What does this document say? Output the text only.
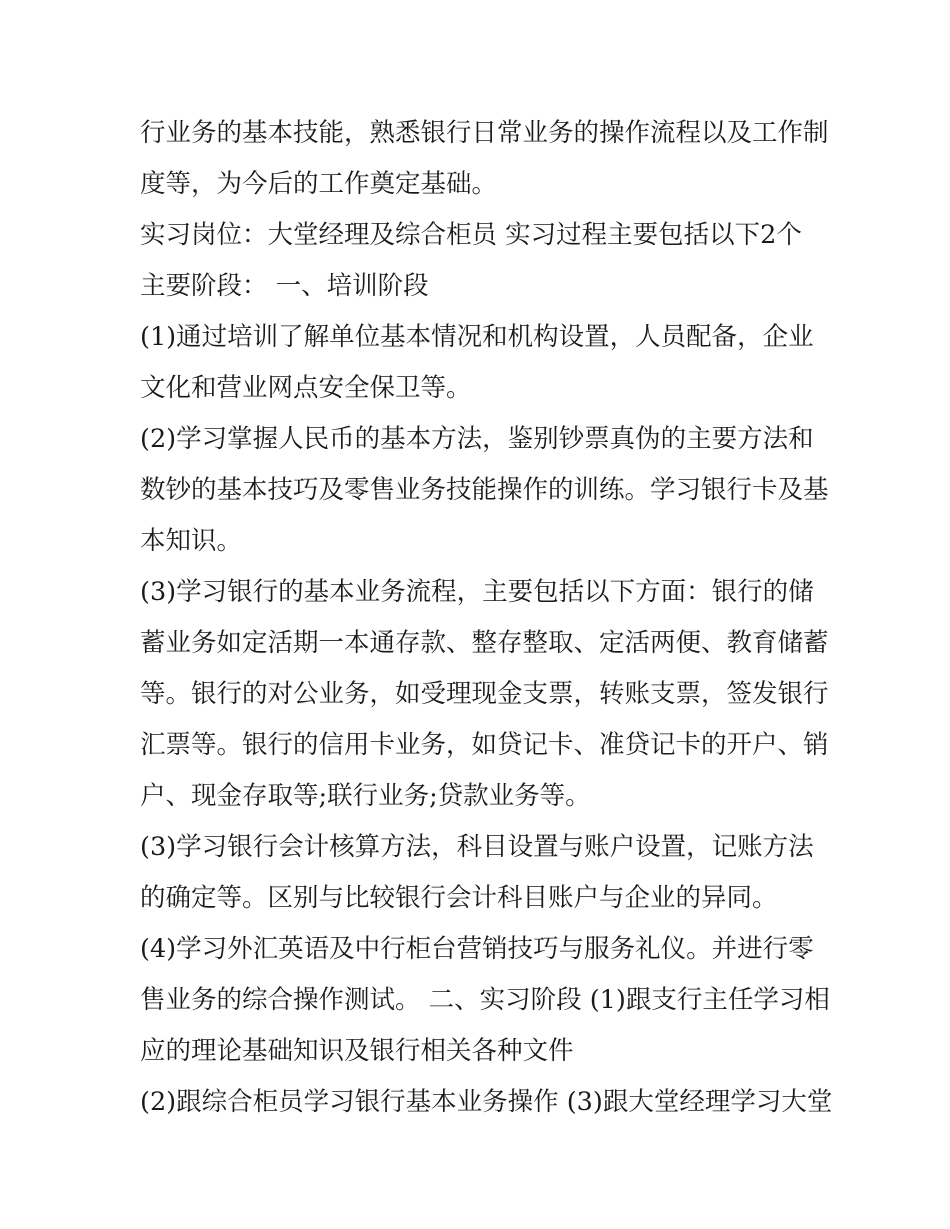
行业务的基本技能，熟悉银行日常业务的操作流程以及工作制
度等，为今后的工作奠定基础。
实习岗位：大堂经理及综合柜员 实习过程主要包括以下2个
主要阶段： 一、培训阶段
(1)通过培训了解单位基本情况和机构设置，人员配备，企业
文化和营业网点安全保卫等。
(2)学习掌握人民币的基本方法，鉴别钞票真伪的主要方法和
数钞的基本技巧及零售业务技能操作的训练。学习银行卡及基
本知识。
(3)学习银行的基本业务流程，主要包括以下方面：银行的储
蓄业务如定活期一本通存款、整存整取、定活两便、教育储蓄
等。银行的对公业务，如受理现金支票，转账支票，签发银行
汇票等。银行的信用卡业务，如贷记卡、准贷记卡的开户、销
户、现金存取等;联行业务;贷款业务等。
(3)学习银行会计核算方法，科目设置与账户设置，记账方法
的确定等。区别与比较银行会计科目账户与企业的异同。
(4)学习外汇英语及中行柜台营销技巧与服务礼仪。并进行零
售业务的综合操作测试。 二、实习阶段 (1)跟支行主任学习相
应的理论基础知识及银行相关各种文件
(2)跟综合柜员学习银行基本业务操作 (3)跟大堂经理学习大堂
